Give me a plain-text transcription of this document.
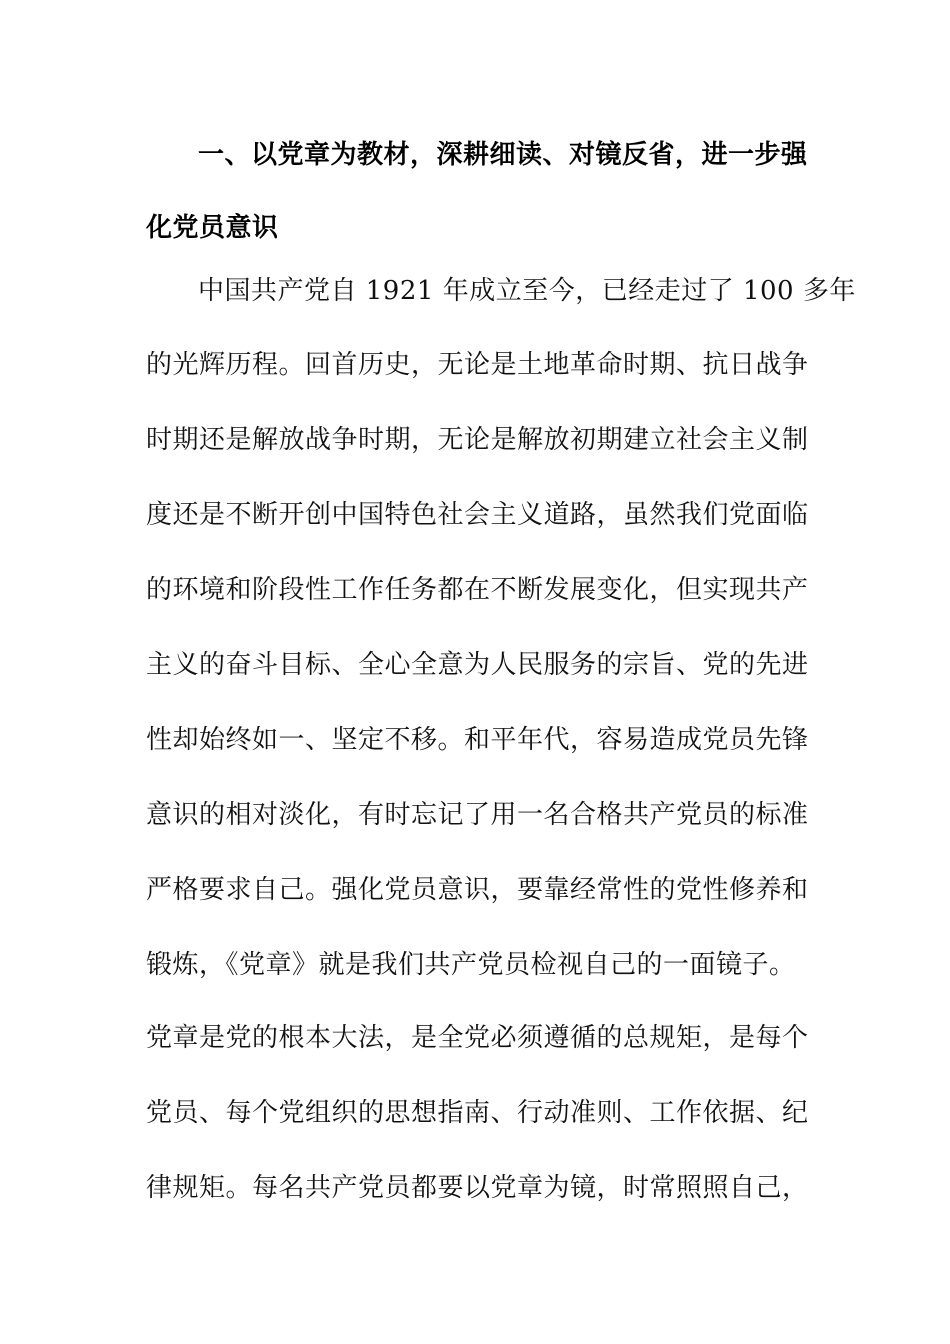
一、以党章为教材，深耕细读、对镜反省，进一步强
化党员意识
中国共产党自 1921 年成立至今，已经走过了 100 多年
的光辉历程。回首历史，无论是土地革命时期、抗日战争
时期还是解放战争时期，无论是解放初期建立社会主义制
度还是不断开创中国特色社会主义道路，虽然我们党面临
的环境和阶段性工作任务都在不断发展变化，但实现共产
主义的奋斗目标、全心全意为人民服务的宗旨、党的先进
性却始终如一、坚定不移。和平年代，容易造成党员先锋
意识的相对淡化，有时忘记了用一名合格共产党员的标准
严格要求自己。强化党员意识，要靠经常性的党性修养和
锻炼，《党章》就是我们共产党员检视自己的一面镜子。
党章是党的根本大法，是全党必须遵循的总规矩，是每个
党员、每个党组织的思想指南、行动准则、工作依据、纪
律规矩。每名共产党员都要以党章为镜，时常照照自己，
